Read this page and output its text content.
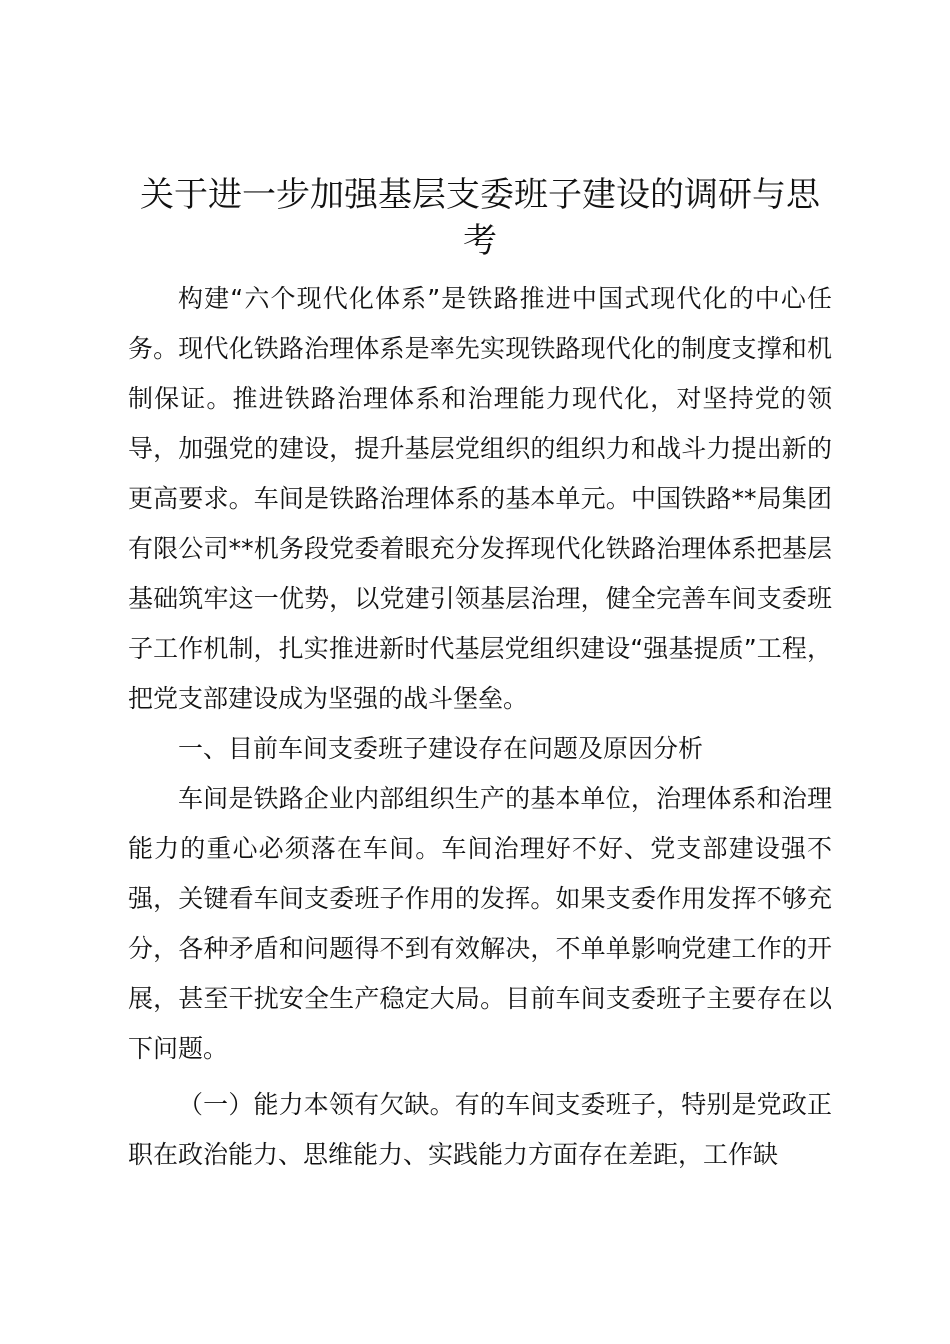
关于进一步加强基层支委班子建设的调研与思考

构建“六个现代化体系”是铁路推进中国式现代化的中心任务。现代化铁路治理体系是率先实现铁路现代化的制度支撑和机制保证。推进铁路治理体系和治理能力现代化，对坚持党的领导，加强党的建设，提升基层党组织的组织力和战斗力提出新的更高要求。车间是铁路治理体系的基本单元。中国铁路**局集团有限公司**机务段党委着眼充分发挥现代化铁路治理体系把基层基础筑牢这一优势，以党建引领基层治理，健全完善车间支委班子工作机制，扎实推进新时代基层党组织建设“强基提质”工程，把党支部建设成为坚强的战斗堡垒。

一、目前车间支委班子建设存在问题及原因分析

车间是铁路企业内部组织生产的基本单位，治理体系和治理能力的重心必须落在车间。车间治理好不好、党支部建设强不强，关键看车间支委班子作用的发挥。如果支委作用发挥不够充分，各种矛盾和问题得不到有效解决，不单单影响党建工作的开展，甚至干扰安全生产稳定大局。目前车间支委班子主要存在以下问题。

（一）能力本领有欠缺。有的车间支委班子，特别是党政正职在政治能力、思维能力、实践能力方面存在差距，工作缺
